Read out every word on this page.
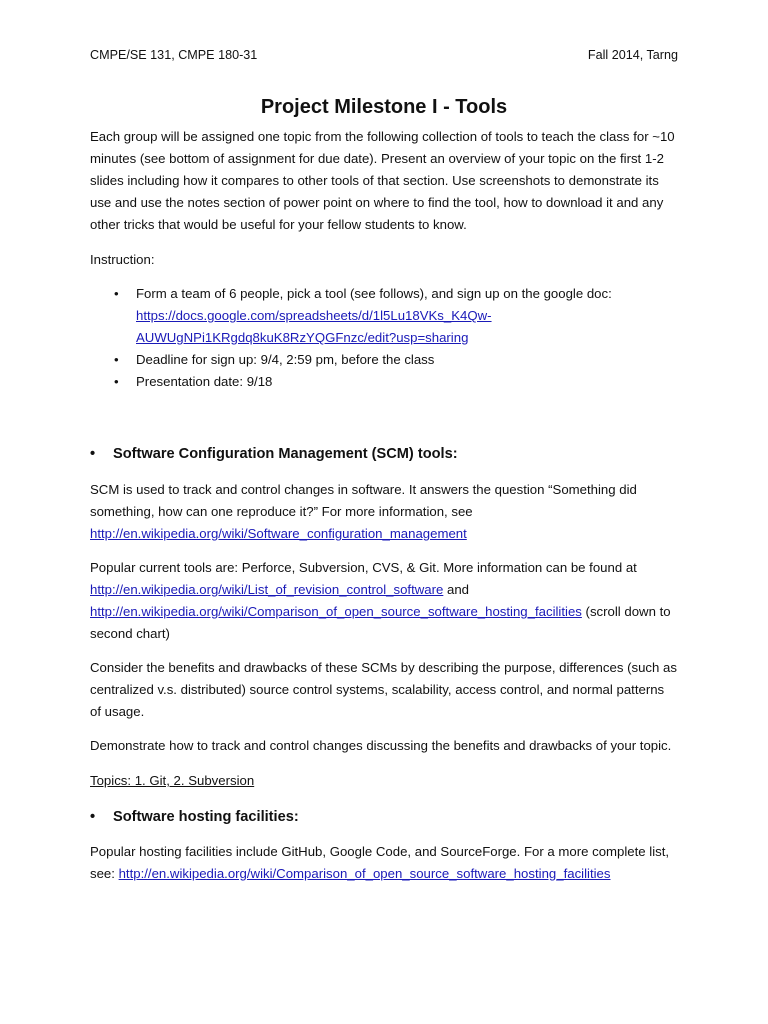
CMPE/SE 131, CMPE 180-31	Fall 2014, Tarng
Project Milestone I - Tools

Each group will be assigned one topic from the following collection of tools to teach the class for ~10 minutes (see bottom of assignment for due date). Present an overview of your topic on the first 1-2 slides including how it compares to other tools of that section. Use screenshots to demonstrate its use and use the notes section of power point on where to find the tool, how to download it and any other tricks that would be useful for your fellow students to know.

Instruction:

• Form a team of 6 people, pick a tool (see follows), and sign up on the google doc:
https://docs.google.com/spreadsheets/d/1l5Lu18VKs_K4Qw-
AUWUgNPi1KRgdq8kuK8RzYQGFnzc/edit?usp=sharing
• Deadline for sign up: 9/4, 2:59 pm, before the class
• Presentation date: 9/18
• Software Configuration Management (SCM) tools:

SCM is used to track and control changes in software. It answers the question “Something did something, how can one reproduce it?” For more information, see
http://en.wikipedia.org/wiki/Software_configuration_management

Popular current tools are: Perforce, Subversion, CVS, & Git. More information can be found at
http://en.wikipedia.org/wiki/List_of_revision_control_software and
http://en.wikipedia.org/wiki/Comparison_of_open_source_software_hosting_facilities (scroll down to second chart)

Consider the benefits and drawbacks of these SCMs by describing the purpose, differences (such as centralized v.s. distributed) source control systems, scalability, access control, and normal patterns of usage.

Demonstrate how to track and control changes discussing the benefits and drawbacks of your topic.

Topics: 1. Git, 2. Subversion

• Software hosting facilities:

Popular hosting facilities include GitHub, Google Code, and SourceForge. For a more complete list, see: http://en.wikipedia.org/wiki/Comparison_of_open_source_software_hosting_facilities
